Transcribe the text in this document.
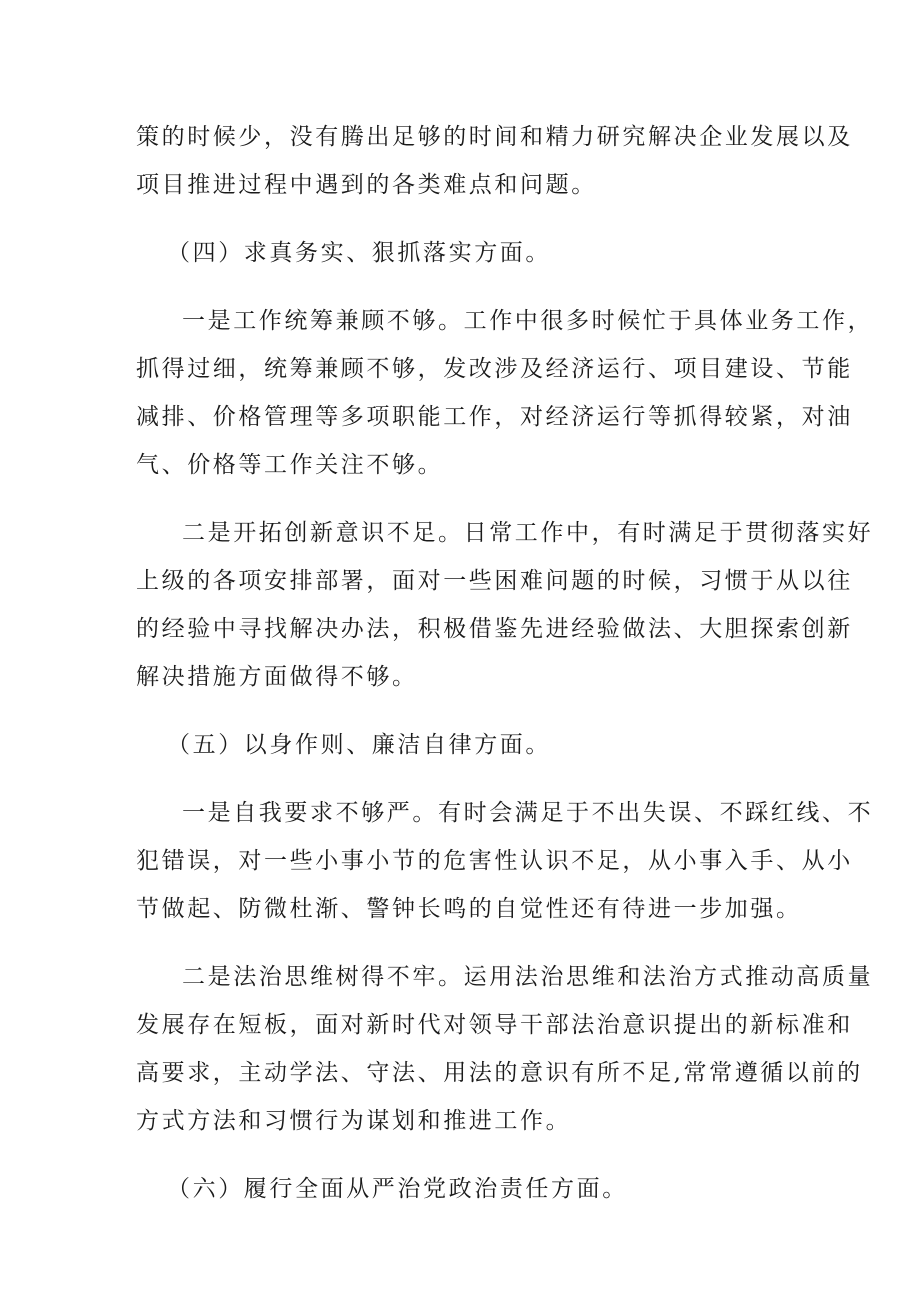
策的时候少，没有腾出足够的时间和精力研究解决企业发展以及
项目推进过程中遇到的各类难点和问题。
（四）求真务实、狠抓落实方面。
一是工作统筹兼顾不够。工作中很多时候忙于具体业务工作，
抓得过细，统筹兼顾不够，发改涉及经济运行、项目建设、节能
减排、价格管理等多项职能工作，对经济运行等抓得较紧，对油
气、价格等工作关注不够。
二是开拓创新意识不足。日常工作中，有时满足于贯彻落实好
上级的各项安排部署，面对一些困难问题的时候，习惯于从以往
的经验中寻找解决办法，积极借鉴先进经验做法、大胆探索创新
解决措施方面做得不够。
（五）以身作则、廉洁自律方面。
一是自我要求不够严。有时会满足于不出失误、不踩红线、不
犯错误，对一些小事小节的危害性认识不足，从小事入手、从小
节做起、防微杜渐、警钟长鸣的自觉性还有待进一步加强。
二是法治思维树得不牢。运用法治思维和法治方式推动高质量
发展存在短板，面对新时代对领导干部法治意识提出的新标准和
高要求，主动学法、守法、用法的意识有所不足,常常遵循以前的
方式方法和习惯行为谋划和推进工作。
（六）履行全面从严治党政治责任方面。
